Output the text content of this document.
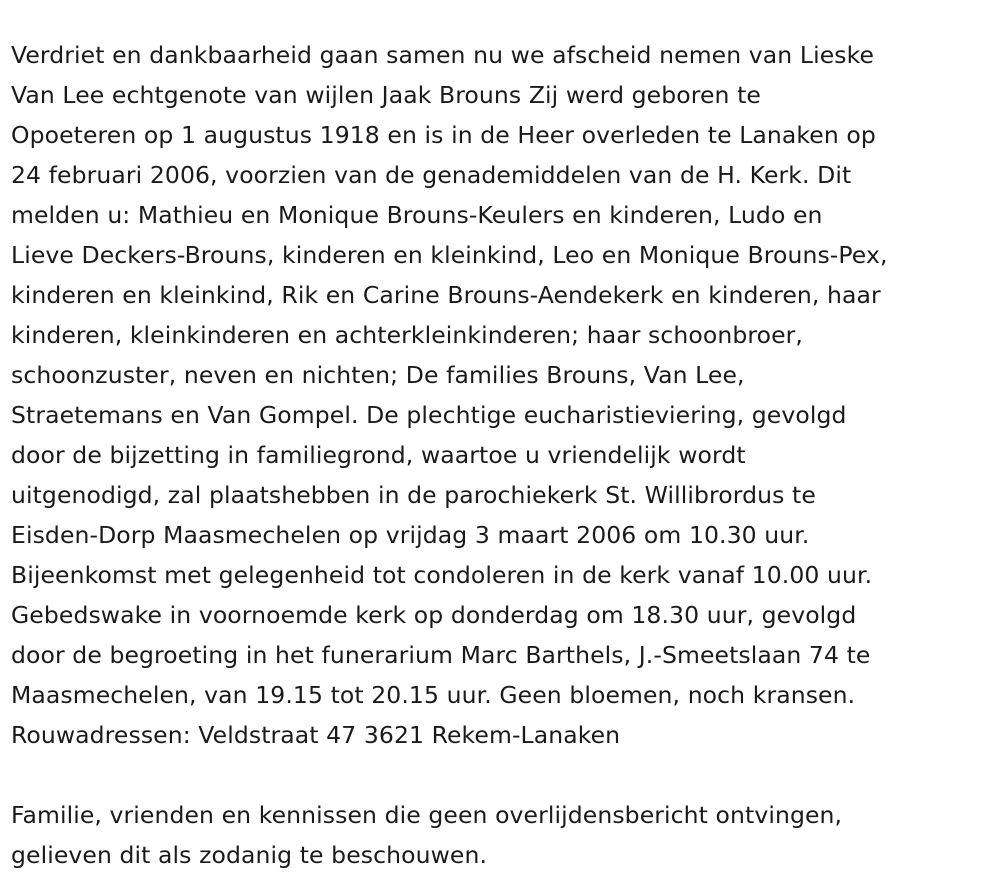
Verdriet en dankbaarheid gaan samen nu we afscheid nemen van Lieske
Van Lee echtgenote van wijlen Jaak Brouns Zij werd geboren te
Opoeteren op 1 augustus 1918 en is in de Heer overleden te Lanaken op
24 februari 2006, voorzien van de genademiddelen van de H. Kerk. Dit
melden u: Mathieu en Monique Brouns-Keulers en kinderen, Ludo en
Lieve Deckers-Brouns, kinderen en kleinkind, Leo en Monique Brouns-Pex,
kinderen en kleinkind, Rik en Carine Brouns-Aendekerk en kinderen, haar
kinderen, kleinkinderen en achterkleinkinderen; haar schoonbroer,
schoonzuster, neven en nichten; De families Brouns, Van Lee,
Straetemans en Van Gompel. De plechtige eucharistieviering, gevolgd
door de bijzetting in familiegrond, waartoe u vriendelijk wordt
uitgenodigd, zal plaatshebben in de parochiekerk St. Willibrordus te
Eisden-Dorp Maasmechelen op vrijdag 3 maart 2006 om 10.30 uur.
Bijeenkomst met gelegenheid tot condoleren in de kerk vanaf 10.00 uur.
Gebedswake in voornoemde kerk op donderdag om 18.30 uur, gevolgd
door de begroeting in het funerarium Marc Barthels, J.-Smeetslaan 74 te
Maasmechelen, van 19.15 tot 20.15 uur. Geen bloemen, noch kransen.
Rouwadressen: Veldstraat 47 3621 Rekem-Lanaken
Familie, vrienden en kennissen die geen overlijdensbericht ontvingen,
gelieven dit als zodanig te beschouwen.
